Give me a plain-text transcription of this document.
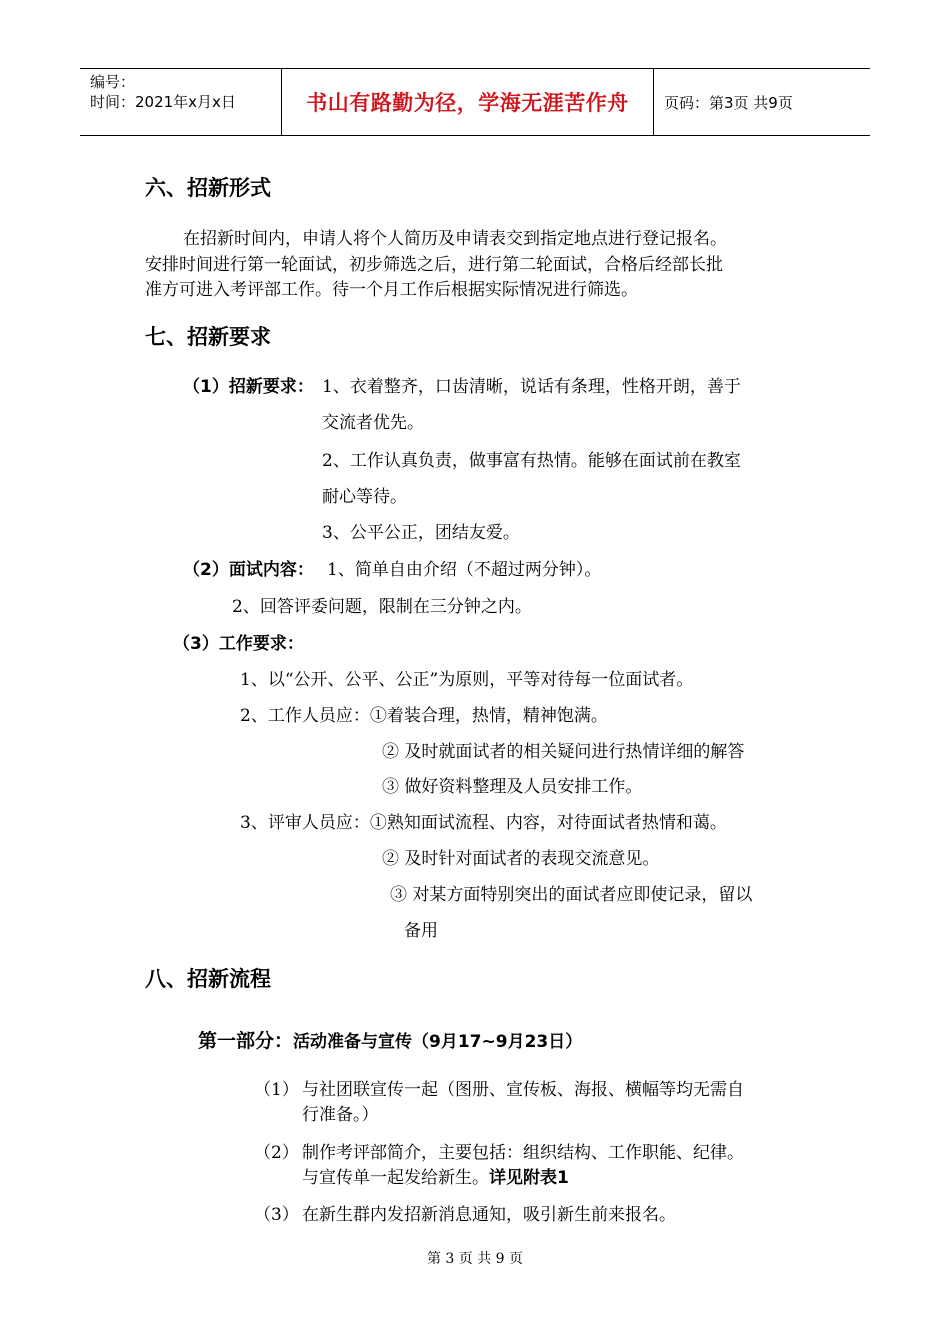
编号：
时间：2021年x月x日	书山有路勤为径，学海无涯苦作舟	页码：第3页 共9页
六、招新形式
在招新时间内，申请人将个人简历及申请表交到指定地点进行登记报名。
安排时间进行第一轮面试，初步筛选之后，进行第二轮面试，合格后经部长批
准方可进入考评部工作。待一个月工作后根据实际情况进行筛选。
七、招新要求
（1）招新要求： 1、衣着整齐，口齿清晰，说话有条理，性格开朗，善于
交流者优先。
2、工作认真负责，做事富有热情。能够在面试前在教室
耐心等待。
3、公平公正，团结友爱。
（2）面试内容： 1、简单自由介绍（不超过两分钟）。
2、回答评委问题，限制在三分钟之内。
（3）工作要求：
1、以“公开、公平、公正”为原则，平等对待每一位面试者。
2、工作人员应：①着装合理，热情，精神饱满。
② 及时就面试者的相关疑问进行热情详细的解答
③ 做好资料整理及人员安排工作。
3、评审人员应：①熟知面试流程、内容，对待面试者热情和蔼。
② 及时针对面试者的表现交流意见。
③ 对某方面特别突出的面试者应即使记录，留以
备用
八、招新流程
第一部分：活动准备与宣传（9月17~9月23日）
（1） 与社团联宣传一起（图册、宣传板、海报、横幅等均无需自
行准备。）
（2） 制作考评部简介，主要包括：组织结构、工作职能、纪律。
与宣传单一起发给新生。详见附表1
（3） 在新生群内发招新消息通知，吸引新生前来报名。
第 3 页 共 9 页
